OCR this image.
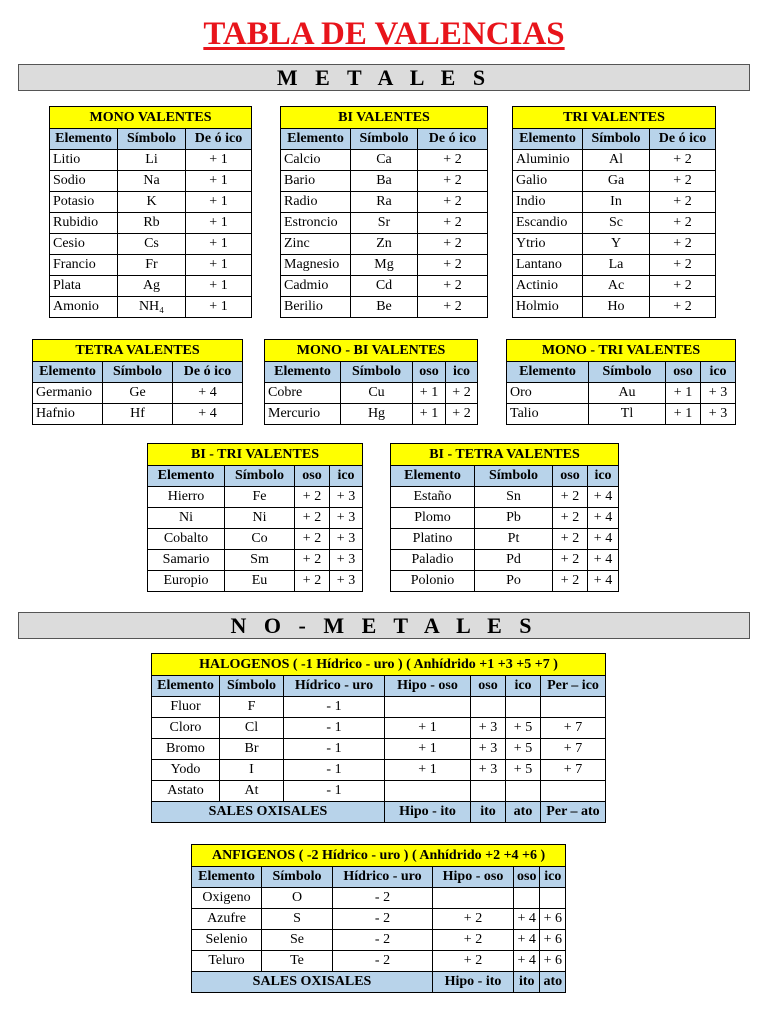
TABLA DE VALENCIAS
M E T A L E S
N O - M E T A L E S
MONO VALENTES		
Elemento	Símbolo	De ó ico
Litio	Li	+ 1
Sodio	Na	+ 1
Potasio	K	+ 1
Rubidio	Rb	+ 1
Cesio	Cs	+ 1
Francio	Fr	+ 1
Plata	Ag	+ 1
Amonio	NH₄	+ 1
BI VALENTES		
Elemento	Símbolo	De ó ico
Calcio	Ca	+ 2
Bario	Ba	+ 2
Radio	Ra	+ 2
Estroncio	Sr	+ 2
Zinc	Zn	+ 2
Magnesio	Mg	+ 2
Cadmio	Cd	+ 2
Berilio	Be	+ 2
TRI VALENTES		
Elemento	Símbolo	De ó ico
Aluminio	Al	+ 2
Galio	Ga	+ 2
Indio	In	+ 2
Escandio	Sc	+ 2
Ytrio	Y	+ 2
Lantano	La	+ 2
Actinio	Ac	+ 2
Holmio	Ho	+ 2
TETRA VALENTES		
Elemento	Símbolo	De ó ico
Germanio	Ge	+ 4
Hafnio	Hf	+ 4
MONO - BI VALENTES			
Elemento	Símbolo	oso	ico
Cobre	Cu	+ 1	+ 2
Mercurio	Hg	+ 1	+ 2
MONO - TRI VALENTES			
Elemento	Símbolo	oso	ico
Oro	Au	+ 1	+ 3
Talio	Tl	+ 1	+ 3
BI - TRI VALENTES			
Elemento	Símbolo	oso	ico
Hierro	Fe	+ 2	+ 3
Ni	Ni	+ 2	+ 3
Cobalto	Co	+ 2	+ 3
Samario	Sm	+ 2	+ 3
Europio	Eu	+ 2	+ 3
BI - TETRA VALENTES			
Elemento	Símbolo	oso	ico
Estaño	Sn	+ 2	+ 4
Plomo	Pb	+ 2	+ 4
Platino	Pt	+ 2	+ 4
Paladio	Pd	+ 2	+ 4
Polonio	Po	+ 2	+ 4
HALOGENOS ( -1 Hídrico - uro ) ( Anhídrido +1 +3 +5 +7 )						
Elemento	Símbolo	Hídrico - uro	Hipo - oso	oso	ico	Per – ico
Fluor	F	- 1				
Cloro	Cl	- 1	+ 1	+ 3	+ 5	+ 7
Bromo	Br	- 1	+ 1	+ 3	+ 5	+ 7
Yodo	I	- 1	+ 1	+ 3	+ 5	+ 7
Astato	At	- 1				
SALES OXISALES			Hipo - ito	ito	ato	Per – ato
ANFIGENOS ( -2 Hídrico - uro ) ( Anhídrido +2 +4 +6 )					
Elemento	Símbolo	Hídrico - uro	Hipo - oso	oso	ico
Oxigeno	O	- 2			
Azufre	S	- 2	+ 2	+ 4	+ 6
Selenio	Se	- 2	+ 2	+ 4	+ 6
Teluro	Te	- 2	+ 2	+ 4	+ 6
SALES OXISALES			Hipo - ito	ito	ato
